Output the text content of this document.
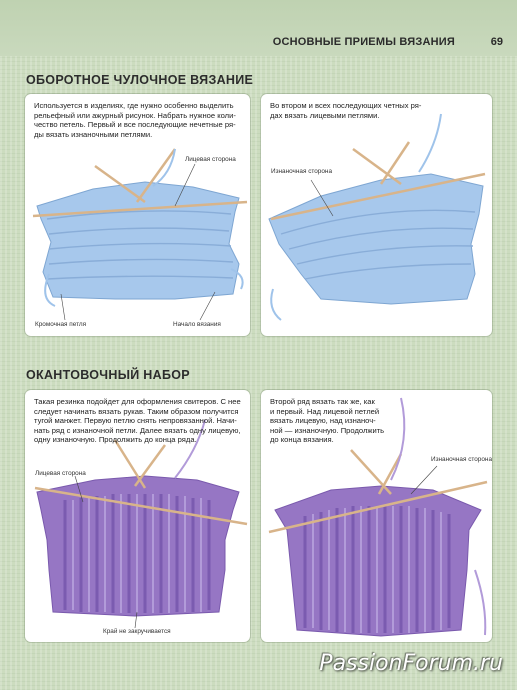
ОСНОВНЫЕ ПРИЕМЫ ВЯЗАНИЯ	69
ОБОРОТНОЕ ЧУЛОЧНОЕ ВЯЗАНИЕ
Используется в изделиях, где нужно особенно выделить
рельефный или ажурный рисунок. Набрать нужное коли-
чество петель. Первый и все последующие нечетные ря-
ды вязать изнаночными петлями.
Лицевая сторона
Кромочная петля	Начало вязания
Во втором и всех последующих четных ря-
дах вязать лицевыми петлями.
Изнаночная сторона
ОКАНТОВОЧНЫЙ НАБОР
Такая резинка подойдет для оформления свитеров. С нее
следует начинать вязать рукав. Таким образом получится
тугой манжет. Первую петлю снять непровязанной. Начи-
нать ряд с изнаночной петли. Далее вязать одну лицевую,
одну изнаночную. Продолжить до конца ряда.
Лицевая сторона
Край не закручивается
Второй ряд вязать так же, как
и первый. Над лицевой петлей
вязать лицевую, над изнаноч-
ной — изнаночную. Продолжить
до конца вязания.
Изнаночная сторона
PassionForum.ru
